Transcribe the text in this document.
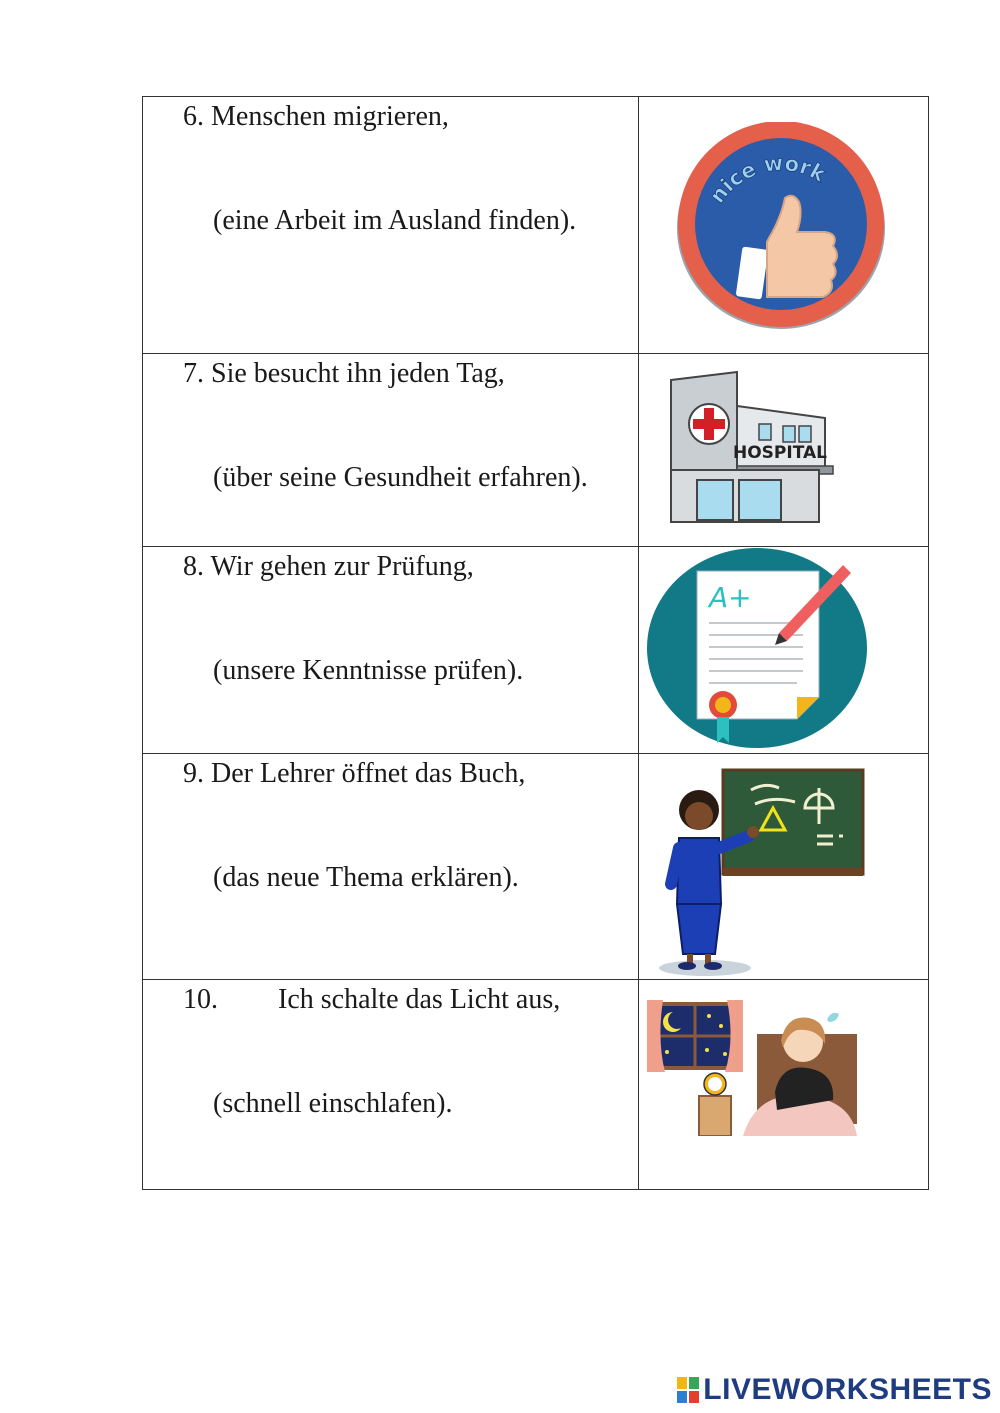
6. Menschen migrieren,
(eine Arbeit im Ausland finden).	nice work

7. Sie besucht ihn jeden Tag,
(über seine Gesundheit erfahren).	HOSPITAL

8. Wir gehen zur Prüfung,
(unsere Kenntnisse prüfen).	A+

9. Der Lehrer öffnet das Buch,
(das neue Thema erklären).

10. Ich schalte das Licht aus,
(schnell einschlafen).

LIVEWORKSHEETS
